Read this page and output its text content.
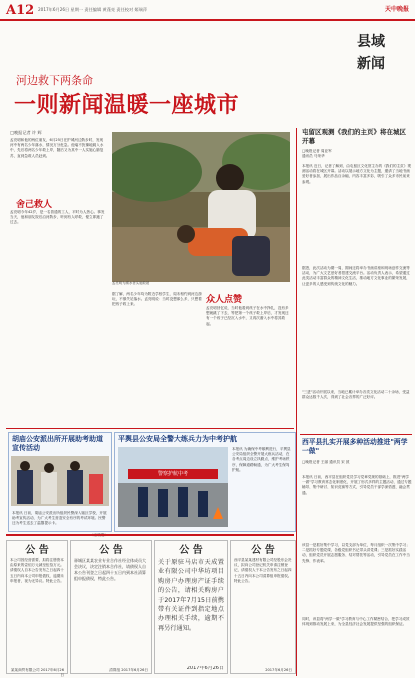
A12 2017年6月26日 星期一 责任编辑 黄蓬亮 责任校对 姬瑞萍	天中晚报
县域
新闻
河边救下两条命
一则新闻温暖一座城市
□晚报记者 许 辉
舍己救人
孟亮明和他的两位朋友，6月25日在护城河边散步时，发现河中有两名少年落水，情况万分危急。他毫不犹豫地跳入水中，先后将两名少年救上岸，随后又为其中一人实施心肺复苏，直到急救人员赶到。
孟亮明今年42岁，是一名普通的工人，平时为人热心。事发当天，他和朋友饭后沿河散步，听到有人呼救，便立即跑了过去。
孟亮明为溺水者实施救援
据了解，两名少年均为附近学校学生，周末相约到河边游玩，不慎失足落水。孟亮明说：当时没想那么多，只想着把孩子救上来。	众人点赞
孟亮明回忆说，当时他看到孩子在水中挣扎，没有多想就跳了下去，等把第一个孩子救上岸后，才发现还有一个孩子已经沉入水中，又再次潜入水中将其救起。
屯留区观测《我们的主页》将在城区开幕
□晚报记者 周亚军
通讯员 马荣华
本报讯 近日，记者了解到，由屯留区文化馆主办的《我们的主页》观测活动将在城区开幕。活动以展示地方文化为主题，邀请了当地书画爱好者参加，展出作品百余幅，内容丰富多彩，吸引了众多市民前来参观。
据悉，此次活动为期一周，期间还将举办书画讲座和现场创作交流等活动，为广大文艺爱好者搭建交流平台。活动负责人表示，希望通过此类活动丰富群众的精神文化生活，推动地方文化事业的繁荣发展，让更多的人感受到传统文化的魅力。
"三进"活动开展以来，当地已累计举办各类文化活动二十余场，受益群众达数千人次，得到了社会各界的广泛好评。
西平县扎实开展多种活动推进"两学一做"
□晚报记者 王丽 通讯员 宋 波
本报讯 日前，西平县在组织党员学习党章党规的基础上，推进"两学一做"学习教育常态化制度化，开展了形式多样的主题活动，通过专题辅导、集中研讨、知识竞赛等方式，引导党员干部学深悟透、融会贯通。
该县一是抓好集中学习，以党支部为单位，每月组织一次集中学习；二是抓好专题党课，各级党组织书记带头讲党课；三是抓好实践活动，组织党员开展志愿服务、结对帮扶等活动，引导党员在工作中当先锋、作表率。
同时，该县将"两学一做"学习教育与中心工作紧密结合，把学习成效体现到推动发展上来，为全县经济社会发展提供坚强的组织保证。
胡庙公安派出所开展助考助道宣传活动
本报讯 日前，胡庙公安派出所组织民警深入辖区学校，开展助考宣传活动，为广大考生营造安全有序的考试环境。民警还为考生送去了温馨提示卡。
平舆县公安局全警大练兵力为中考护航
警察护航中考
本报讯 为确保中考顺利进行，平舆县公安局组织全警开展大练兵活动，在各考点周边设立执勤点，维护考场秩序，保障道路畅通，为广大考生保驾护航。
公 告
本公司因经营需要，拟将注册资本由原来的壹佰万元减至伍拾万元。请债权人自本公告发布之日起四十五日内向本公司申报债权，逾期未申报者，视为无异议。特此公告。
某某商贸有限公司 2017年6月26日
公 告
驿城区某某农业专业合作社经全体成员大会决议，决定注销本合作社，请债权人自本公告刊登之日起四十五日内到本社清算组申报债权，特此公告。
清算组 2017年6月26日
公 告
关于原驻马店市天成置业有限公司中华坊项目购房户办理房产证手续的公告，请相关购房户于2017年7月15日前携带有关证件到指定地点办理相关手续，逾期不再另行通知。
2017年6月26日
公 告
西平县某某建材有限公司经股东会决议，拟向公司登记机关申请注销登记，请债权人于本公告发布之日起四十五日内向本公司清算组申报债权。特此公告。
2017年6月26日
